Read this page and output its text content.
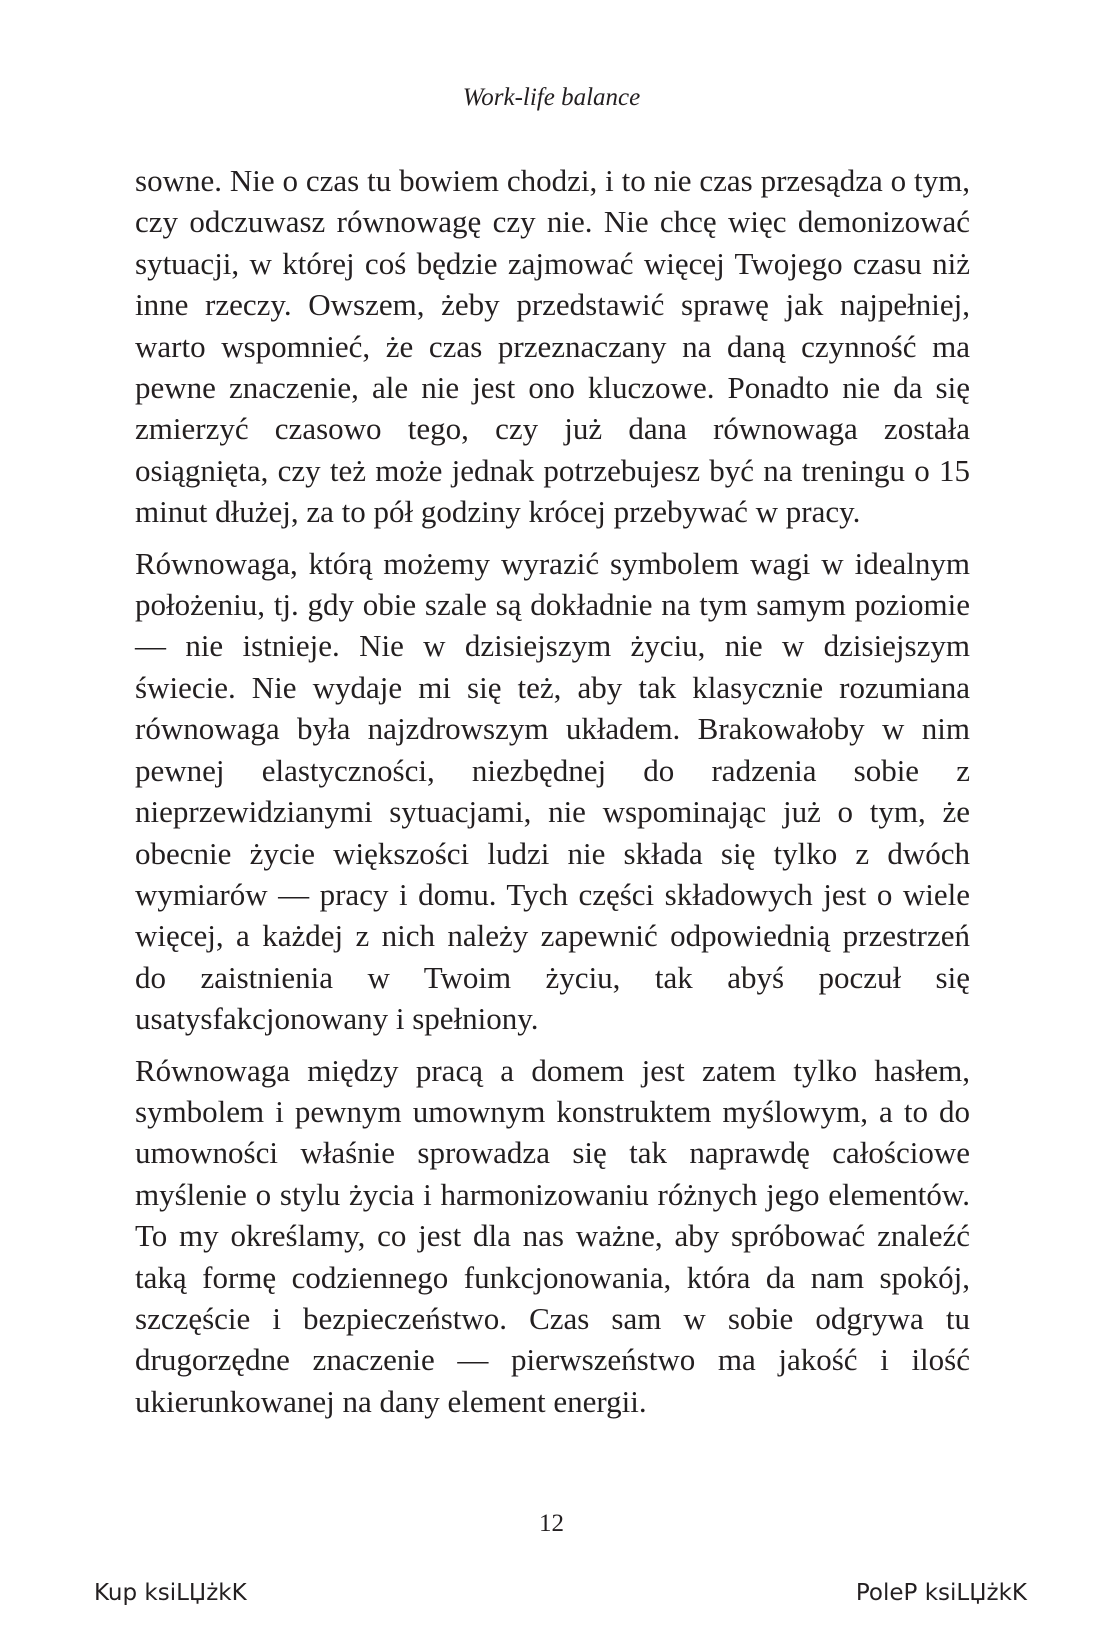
Work-life balance

sowne. Nie o czas tu bowiem chodzi, i to nie czas przesądza o tym, czy odczuwasz równowagę czy nie. Nie chcę więc demonizować sytuacji, w której coś będzie zajmować więcej Twojego czasu niż inne rzeczy. Owszem, żeby przedstawić sprawę jak najpełniej, warto wspomnieć, że czas przeznaczany na daną czynność ma pewne znaczenie, ale nie jest ono kluczowe. Ponadto nie da się zmierzyć czasowo tego, czy już dana równowaga została osiągnięta, czy też może jednak potrzebujesz być na treningu o 15 minut dłużej, za to pół godziny krócej przebywać w pracy.

Równowaga, którą możemy wyrazić symbolem wagi w idealnym położeniu, tj. gdy obie szale są dokładnie na tym samym poziomie — nie istnieje. Nie w dzisiejszym życiu, nie w dzisiejszym świecie. Nie wydaje mi się też, aby tak klasycznie rozumiana równowaga była najzdrowszym układem. Brakowałoby w nim pewnej elastyczności, niezbędnej do radzenia sobie z nieprzewidzianymi sytuacjami, nie wspominając już o tym, że obecnie życie większości ludzi nie składa się tylko z dwóch wymiarów — pracy i domu. Tych części składowych jest o wiele więcej, a każdej z nich należy zapewnić odpowiednią przestrzeń do zaistnienia w Twoim życiu, tak abyś poczuł się usatysfakcjonowany i spełniony.

Równowaga między pracą a domem jest zatem tylko hasłem, symbolem i pewnym umownym konstruktem myślowym, a to do umowności właśnie sprowadza się tak naprawdę całościowe myślenie o stylu życia i harmonizowaniu różnych jego elementów. To my określamy, co jest dla nas ważne, aby spróbować znaleźć taką formę codziennego funkcjonowania, która da nam spokój, szczęście i bezpieczeństwo. Czas sam w sobie odgrywa tu drugorzędne znaczenie — pierwszeństwo ma jakość i ilość ukierunkowanej na dany element energii.

12
Kup ksiLЏżkK	PoleP ksiLЏżkK
